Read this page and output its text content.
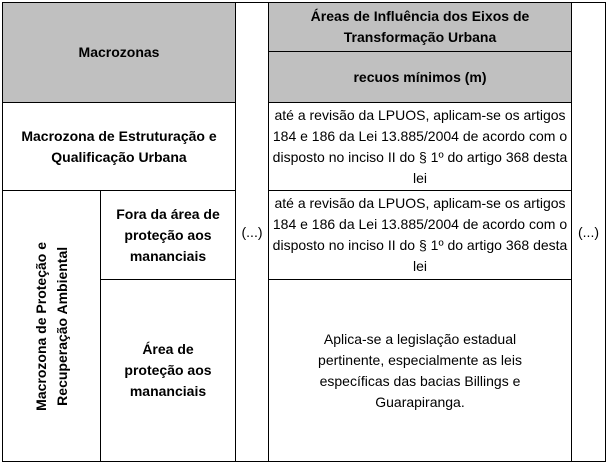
Macrozonas
(...)
Áreas de Influência dos Eixos de Transformação Urbana
recuos mínimos (m)
(...)
Macrozona de Estruturação e Qualificação Urbana
até a revisão da LPUOS, aplicam-se os artigos 184 e 186 da Lei 13.885/2004 de acordo com o disposto no inciso II do § 1º do artigo 368 desta lei
Macrozona de Proteção e
Recuperação Ambiental
Fora da área de proteção aos mananciais
até a revisão da LPUOS, aplicam-se os artigos 184 e 186 da Lei 13.885/2004 de acordo com o disposto no inciso II do § 1º do artigo 368 desta lei
Área de proteção aos mananciais
Aplica-se a legislação estadual pertinente, especialmente as leis específicas das bacias Billings e Guarapiranga.
